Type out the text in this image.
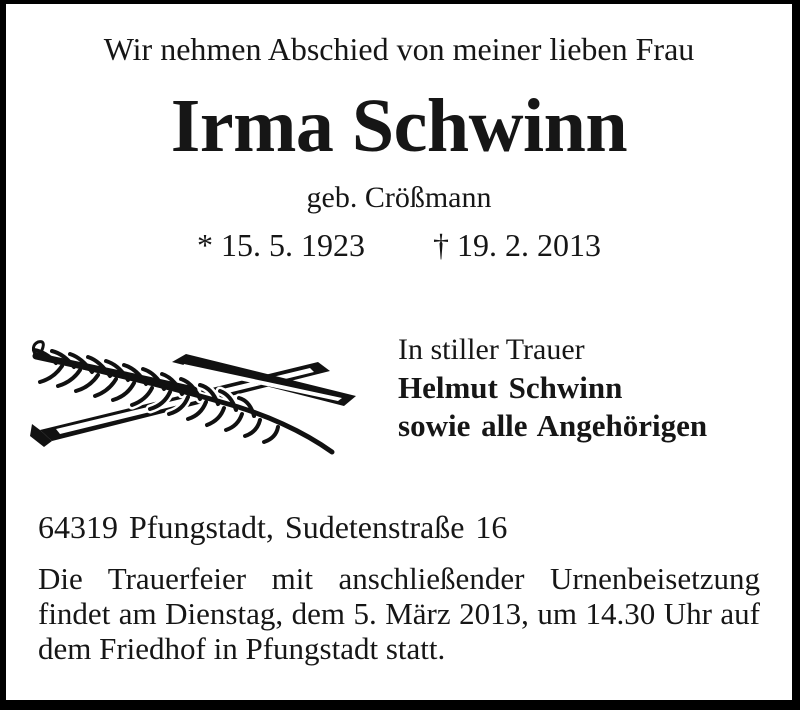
Wir nehmen Abschied von meiner lieben Frau
Irma Schwinn
geb. Crößmann
* 15. 5. 1923 † 19. 2. 2013
In stiller Trauer
Helmut Schwinn
sowie alle Angehörigen
64319 Pfungstadt, Sudetenstraße 16
Die Trauerfeier mit anschließender Urnenbeisetzung
findet am Dienstag, dem 5. März 2013, um 14.30 Uhr auf
dem Friedhof in Pfungstadt statt.
